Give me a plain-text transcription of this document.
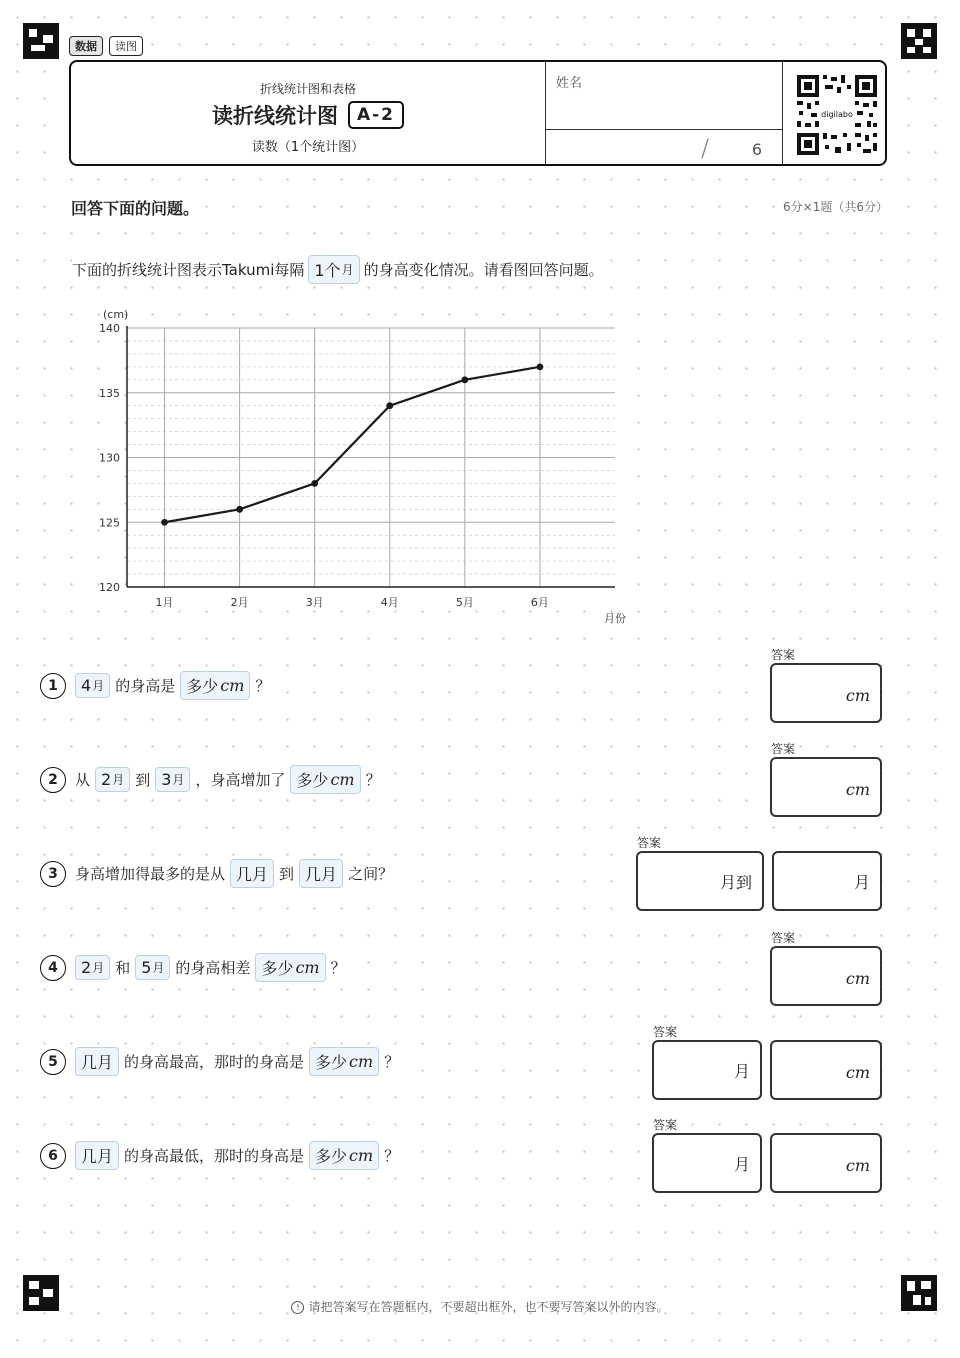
数据	读图
折线统计图和表格
读折线统计图	A-2
读数（1个统计图）
姓名
/	6
digilabo
回答下面的问题。	6分×1题（共6分）
下面的折线统计图表示Takumi每隔 1个 月 的身高变化情况。请看图回答问题。
120
125
130
135
140
1月	2月	3月	4月	5月	6月
(cm)
月份
1	4 月 的身高是 多少 cm ？
2	从 2 月 到 3 月 ，身高增加了 多少 cm ？
3	身高增加得最多的是从 几月 到 几月 之间？
4	2 月 和 5 月 的身高相差 多少 cm ？
5	几月 的身高最高，那时的身高是 多少 cm ？
6	几月 的身高最低，那时的身高是 多少 cm ？
答案
cm
答案
cm
答案
月到	月
答案
cm
答案
月	cm
答案
月	cm
! 请把答案写在答题框内，不要超出框外，也不要写答案以外的内容。
